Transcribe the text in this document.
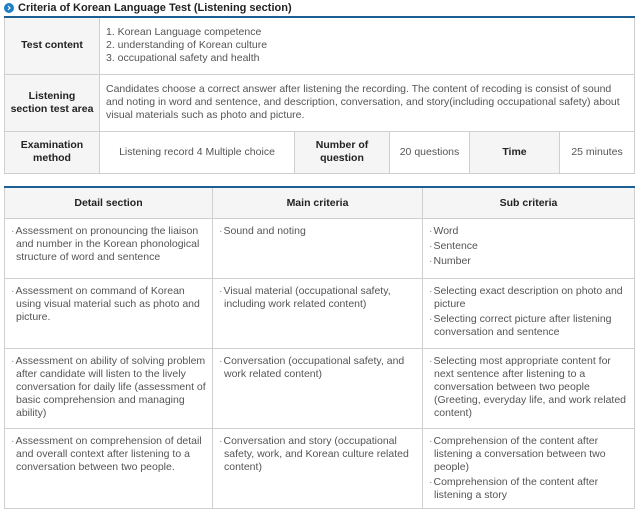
Criteria of Korean Language Test (Listening section)
Test content	1. Korean Language competence
2. understanding of Korean culture
3. occupational safety and health				

Listening section test area	Candidates choose a correct answer after listening the recording. The content of recoding is consist of sound and noting in word and sentence, and description, conversation, and story(including occupational safety) about visual materials such as photo and picture.				
Examination method	Listening record 4 Multiple choice	Number of question	20 questions	Time	25 minutes
Detail section	Main criteria	Sub criteria

· Assessment on pronouncing the liaison and number in the Korean phonological structure of word and sentence	· Sound and noting	· Word
· Sentence
· Number

· Assessment on command of Korean using visual material such as photo and picture.	· Visual material (occupational safety, including work related content)	· Selecting exact description on photo and picture
· Selecting correct picture after listening conversation and sentence

· Assessment on ability of solving problem after candidate will listen to the lively conversation for daily life (assessment of basic comprehension and managing ability)	· Conversation (occupational safety, and work related content)	· Selecting most appropriate content for next sentence after listening to a conversation between two people (Greeting, everyday life, and work related content)

· Assessment on comprehension of detail and overall context after listening to a conversation between two people.	· Conversation and story (occupational safety, work, and Korean culture related content)	· Comprehension of the content after listening a conversation between two people)
· Comprehension of the content after listening a story
